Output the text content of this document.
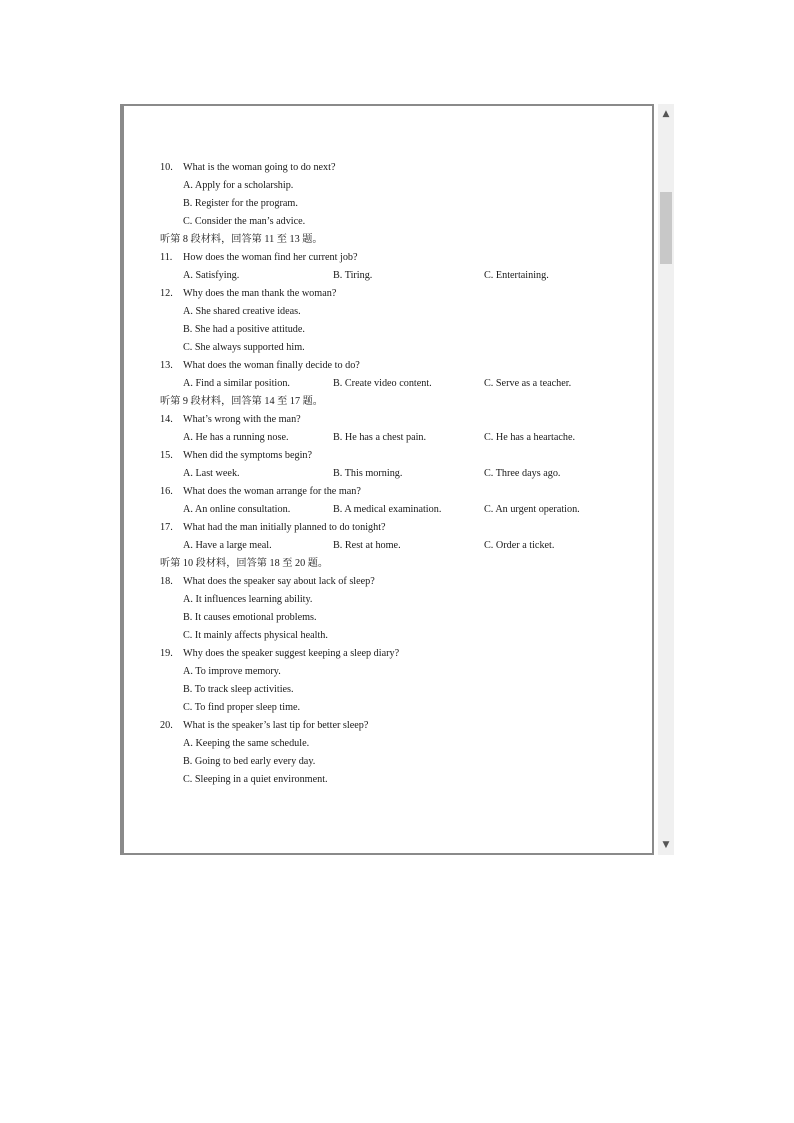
10. What is the woman going to do next?
A. Apply for a scholarship.
B. Register for the program.
C. Consider the man’s advice.
听第 8 段材料，回答第 11 至 13 题。
11. How does the woman find her current job?
A. Satisfying.	B. Tiring.	C. Entertaining.
12. Why does the man thank the woman?
A. She shared creative ideas.
B. She had a positive attitude.
C. She always supported him.
13. What does the woman finally decide to do?
A. Find a similar position.	B. Create video content.	C. Serve as a teacher.
听第 9 段材料，回答第 14 至 17 题。
14. What’s wrong with the man?
A. He has a running nose.	B. He has a chest pain.	C. He has a heartache.
15. When did the symptoms begin?
A. Last week.	B. This morning.	C. Three days ago.
16. What does the woman arrange for the man?
A. An online consultation.	B. A medical examination.	C. An urgent operation.
17. What had the man initially planned to do tonight?
A. Have a large meal.	B. Rest at home.	C. Order a ticket.
听第 10 段材料，回答第 18 至 20 题。
18. What does the speaker say about lack of sleep?
A. It influences learning ability.
B. It causes emotional problems.
C. It mainly affects physical health.
19. Why does the speaker suggest keeping a sleep diary?
A. To improve memory.
B. To track sleep activities.
C. To find proper sleep time.
20. What is the speaker’s last tip for better sleep?
A. Keeping the same schedule.
B. Going to bed early every day.
C. Sleeping in a quiet environment.
▲
▼
